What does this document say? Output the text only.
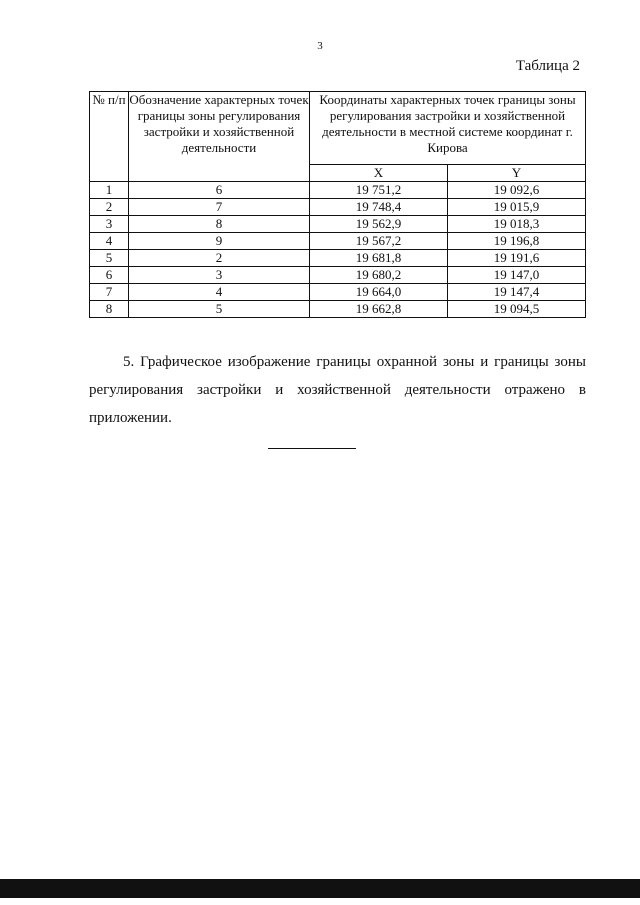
3
Таблица 2
№ п/п	Обозначение характерных точек границы зоны регулирования застройки и хозяйственной деятельности	Координаты характерных точек границы зоны регулирования застройки и хозяйственной деятельности в местной системе координат г. Кирова	

		X	Y
1	6	19 751,2	19 092,6
2	7	19 748,4	19 015,9
3	8	19 562,9	19 018,3
4	9	19 567,2	19 196,8
5	2	19 681,8	19 191,6
6	3	19 680,2	19 147,0
7	4	19 664,0	19 147,4
8	5	19 662,8	19 094,5

5. Графическое изображение границы охранной зоны и границы зоны регулирования застройки и хозяйственной деятельности отражено в приложении.
